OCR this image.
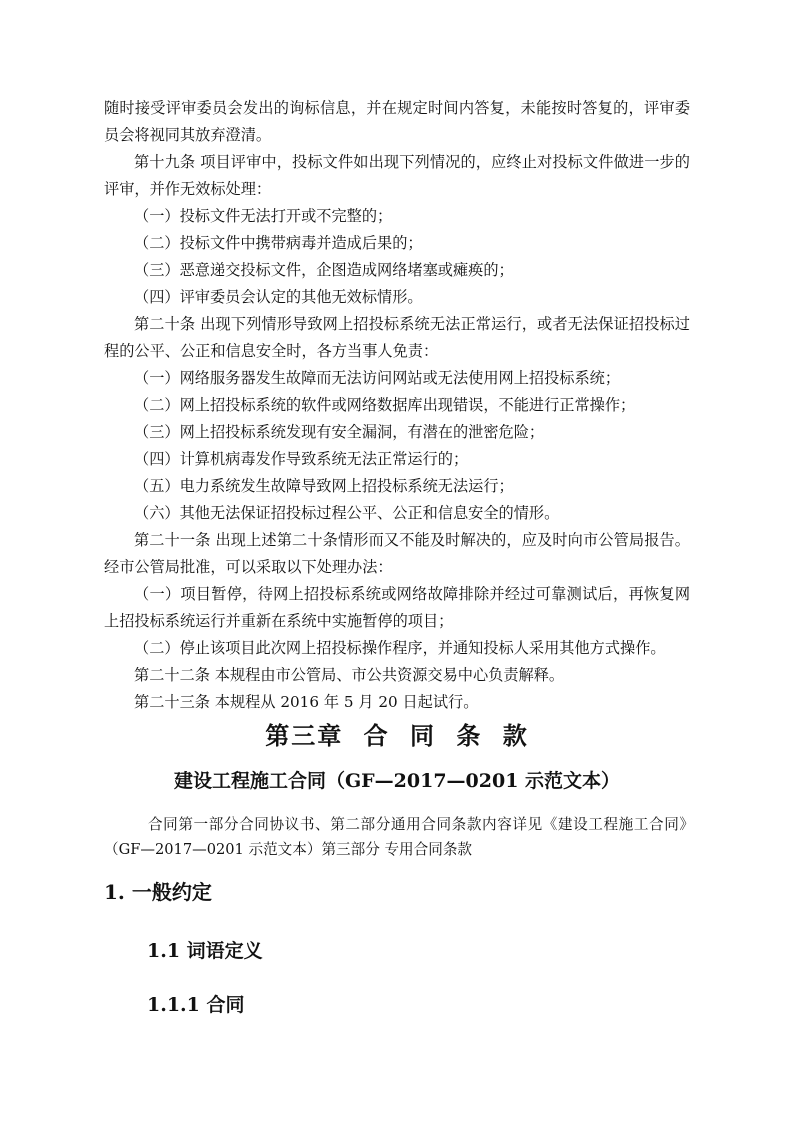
随时接受评审委员会发出的询标信息，并在规定时间内答复，未能按时答复的，评审委员会将视同其放弃澄清。

第十九条 项目评审中，投标文件如出现下列情况的，应终止对投标文件做进一步的评审，并作无效标处理：

（一）投标文件无法打开或不完整的；

（二）投标文件中携带病毒并造成后果的；

（三）恶意递交投标文件，企图造成网络堵塞或瘫痪的；

（四）评审委员会认定的其他无效标情形。

第二十条 出现下列情形导致网上招投标系统无法正常运行，或者无法保证招投标过程的公平、公正和信息安全时，各方当事人免责：

（一）网络服务器发生故障而无法访问网站或无法使用网上招投标系统；

（二）网上招投标系统的软件或网络数据库出现错误，不能进行正常操作；

（三）网上招投标系统发现有安全漏洞，有潜在的泄密危险；

（四）计算机病毒发作导致系统无法正常运行的；

（五）电力系统发生故障导致网上招投标系统无法运行；

（六）其他无法保证招投标过程公平、公正和信息安全的情形。

第二十一条 出现上述第二十条情形而又不能及时解决的，应及时向市公管局报告。经市公管局批准，可以采取以下处理办法：

（一）项目暂停，待网上招投标系统或网络故障排除并经过可靠测试后，再恢复网上招投标系统运行并重新在系统中实施暂停的项目；

（二）停止该项目此次网上招投标操作程序，并通知投标人采用其他方式操作。

第二十二条 本规程由市公管局、市公共资源交易中心负责解释。

第二十三条 本规程从 2016 年 5 月 20 日起试行。

第三章 合 同 条 款
建设工程施工合同（GF—2017—0201 示范文本）

合同第一部分合同协议书、第二部分通用合同条款内容详见《建设工程施工合同》（GF—2017—0201 示范文本）第三部分 专用合同条款

1. 一般约定
1.1 词语定义
1.1.1 合同
